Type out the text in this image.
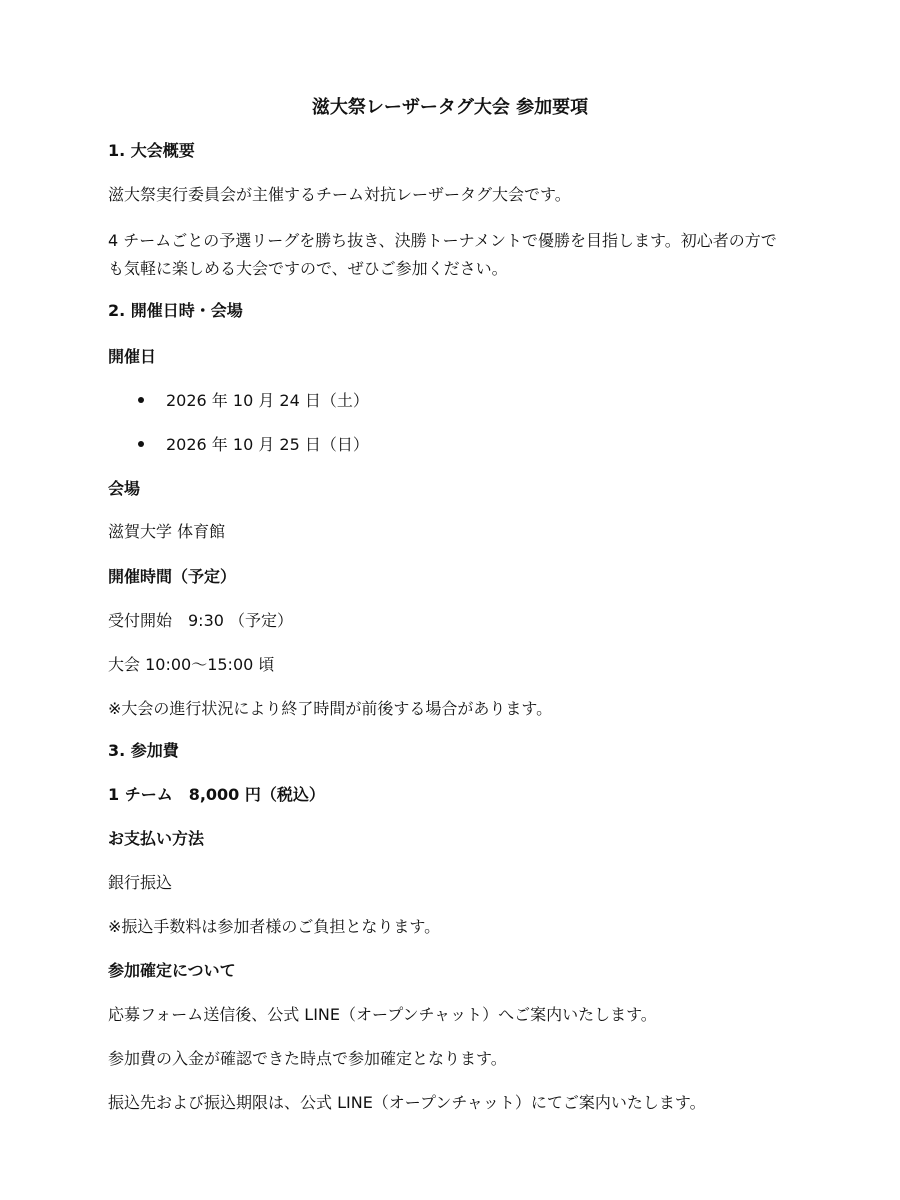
滋大祭レーザータグ大会 参加要項
1. 大会概要
滋大祭実行委員会が主催するチーム対抗レーザータグ大会です。
4 チームごとの予選リーグを勝ち抜き、決勝トーナメントで優勝を目指します。初心者の方で
も気軽に楽しめる大会ですので、ぜひご参加ください。
2. 開催日時・会場
開催日
2026 年 10 月 24 日（土）
2026 年 10 月 25 日（日）
会場
滋賀大学 体育館
開催時間（予定）
受付開始　9:30 （予定）
大会 10:00〜15:00 頃
※大会の進行状況により終了時間が前後する場合があります。
3. 参加費
1 チーム　8,000 円（税込）
お支払い方法
銀行振込
※振込手数料は参加者様のご負担となります。
参加確定について
応募フォーム送信後、公式 LINE（オープンチャット）へご案内いたします。
参加費の入金が確認できた時点で参加確定となります。
振込先および振込期限は、公式 LINE（オープンチャット）にてご案内いたします。
